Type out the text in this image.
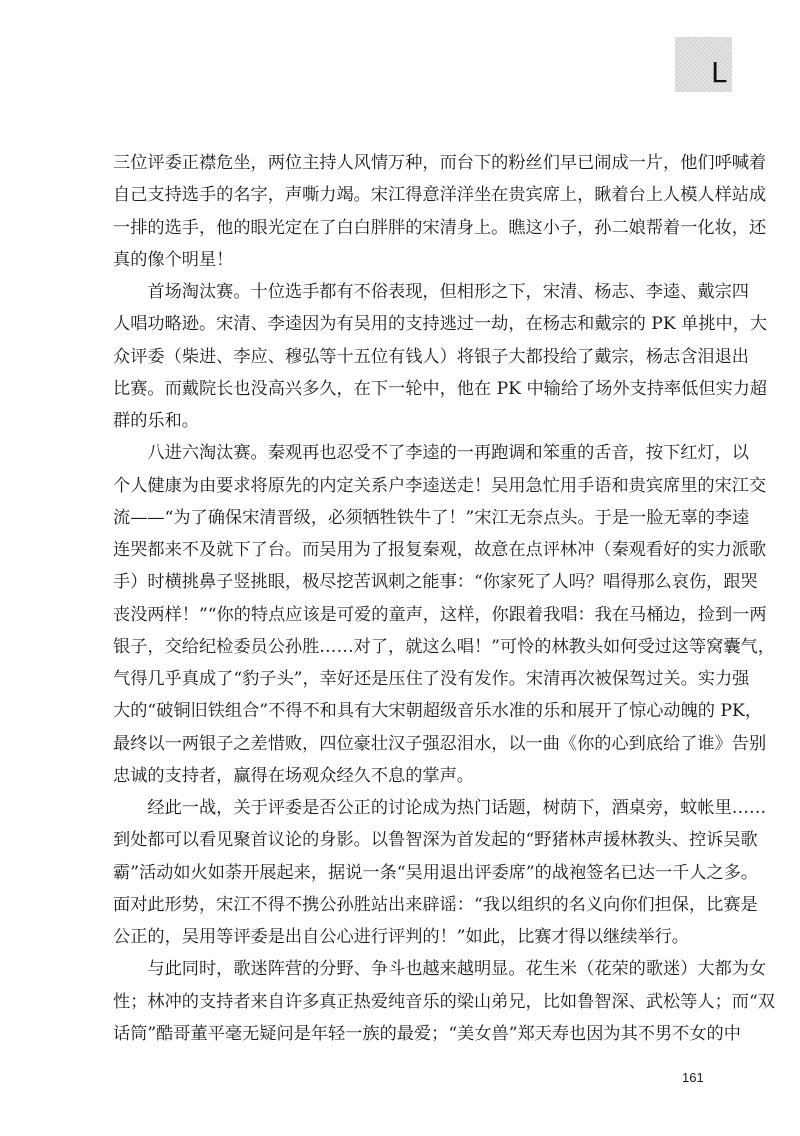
L
三位评委正襟危坐，两位主持人风情万种，而台下的粉丝们早已闹成一片，他们呼喊着
自己支持选手的名字，声嘶力竭。宋江得意洋洋坐在贵宾席上，瞅着台上人模人样站成
一排的选手，他的眼光定在了白白胖胖的宋清身上。瞧这小子，孙二娘帮着一化妆，还
真的像个明星！
　　首场淘汰赛。十位选手都有不俗表现，但相形之下，宋清、杨志、李逵、戴宗四
人唱功略逊。宋清、李逵因为有吴用的支持逃过一劫，在杨志和戴宗的 PK 单挑中，大
众评委（柴进、李应、穆弘等十五位有钱人）将银子大都投给了戴宗，杨志含泪退出
比赛。而戴院长也没高兴多久，在下一轮中，他在 PK 中输给了场外支持率低但实力超
群的乐和。
　　八进六淘汰赛。秦观再也忍受不了李逵的一再跑调和笨重的舌音，按下红灯，以
个人健康为由要求将原先的内定关系户李逵送走！吴用急忙用手语和贵宾席里的宋江交
流——“为了确保宋清晋级，必须牺牲铁牛了！”宋江无奈点头。于是一脸无辜的李逵
连哭都来不及就下了台。而吴用为了报复秦观，故意在点评林冲（秦观看好的实力派歌
手）时横挑鼻子竖挑眼，极尽挖苦讽刺之能事：“你家死了人吗？唱得那么哀伤，跟哭
丧没两样！”“你的特点应该是可爱的童声，这样，你跟着我唱：我在马桶边，捡到一两
银子，交给纪检委员公孙胜……对了，就这么唱！”可怜的林教头如何受过这等窝囊气，
气得几乎真成了“豹子头”，幸好还是压住了没有发作。宋清再次被保驾过关。实力强
大的“破铜旧铁组合”不得不和具有大宋朝超级音乐水准的乐和展开了惊心动魄的 PK，
最终以一两银子之差惜败，四位豪壮汉子强忍泪水，以一曲《你的心到底给了谁》告别
忠诚的支持者，赢得在场观众经久不息的掌声。
　　经此一战，关于评委是否公正的讨论成为热门话题，树荫下，酒桌旁，蚊帐里……
到处都可以看见聚首议论的身影。以鲁智深为首发起的“野猪林声援林教头、控诉吴歌
霸”活动如火如荼开展起来，据说一条“吴用退出评委席”的战袍签名已达一千人之多。
面对此形势，宋江不得不携公孙胜站出来辟谣：“我以组织的名义向你们担保，比赛是
公正的，吴用等评委是出自公心进行评判的！”如此，比赛才得以继续举行。
　　与此同时，歌迷阵营的分野、争斗也越来越明显。花生米（花荣的歌迷）大都为女
性；林冲的支持者来自许多真正热爱纯音乐的梁山弟兄，比如鲁智深、武松等人；而“双
话筒”酷哥董平毫无疑问是年轻一族的最爱；“美女兽”郑天寿也因为其不男不女的中
161
